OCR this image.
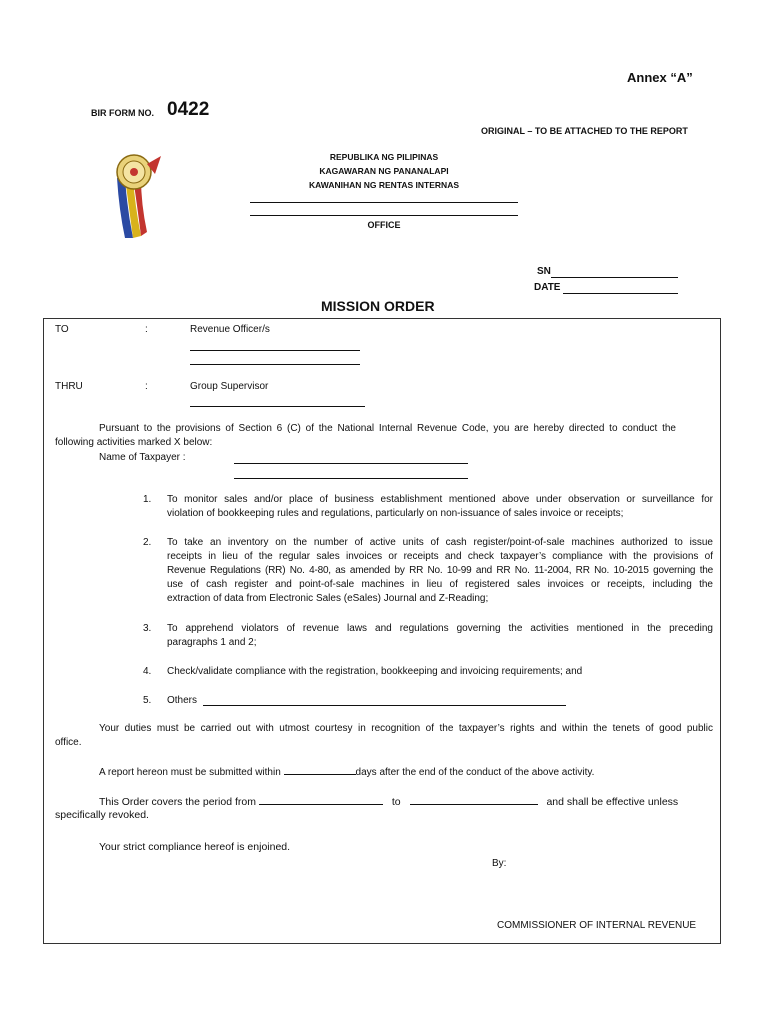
Annex “A”
BIR FORM NO. 0422
ORIGINAL – TO BE ATTACHED TO THE REPORT
REPUBLIKA NG PILIPINAS
KAGAWARAN NG PANANALAPI
KAWANIHAN NG RENTAS INTERNAS
OFFICE
SN
DATE
MISSION ORDER
TO	:	Revenue Officer/s
THRU	:	Group Supervisor
Pursuant to the provisions of Section 6 (C) of the National Internal Revenue Code, you are hereby directed to conduct the
following activities marked X below:
Name of Taxpayer :
1. To monitor sales and/or place of business establishment mentioned above under observation or surveillance for
violation of bookkeeping rules and regulations, particularly on non-issuance of sales invoice or receipts;
2. To take an inventory on the number of active units of cash register/point-of-sale machines authorized to issue
receipts in lieu of the regular sales invoices or receipts and check taxpayer’s compliance with the provisions of
Revenue Regulations (RR) No. 4-80, as amended by RR No. 10-99 and RR No. 11-2004, RR No. 10-2015 governing the
use of cash register and point-of-sale machines in lieu of registered sales invoices or receipts, including the
extraction of data from Electronic Sales (eSales) Journal and Z-Reading;
3. To apprehend violators of revenue laws and regulations governing the activities mentioned in the preceding
paragraphs 1 and 2;
4. Check/validate compliance with the registration, bookkeeping and invoicing requirements; and
5. Others
Your duties must be carried out with utmost courtesy in recognition of the taxpayer’s rights and within the tenets of good public
office.
A report hereon must be submitted within	days after the end of the conduct of the above activity.
This Order covers the period from	to	and shall be effective unless
specifically revoked.
Your strict compliance hereof is enjoined.
By:
COMMISSIONER OF INTERNAL REVENUE
